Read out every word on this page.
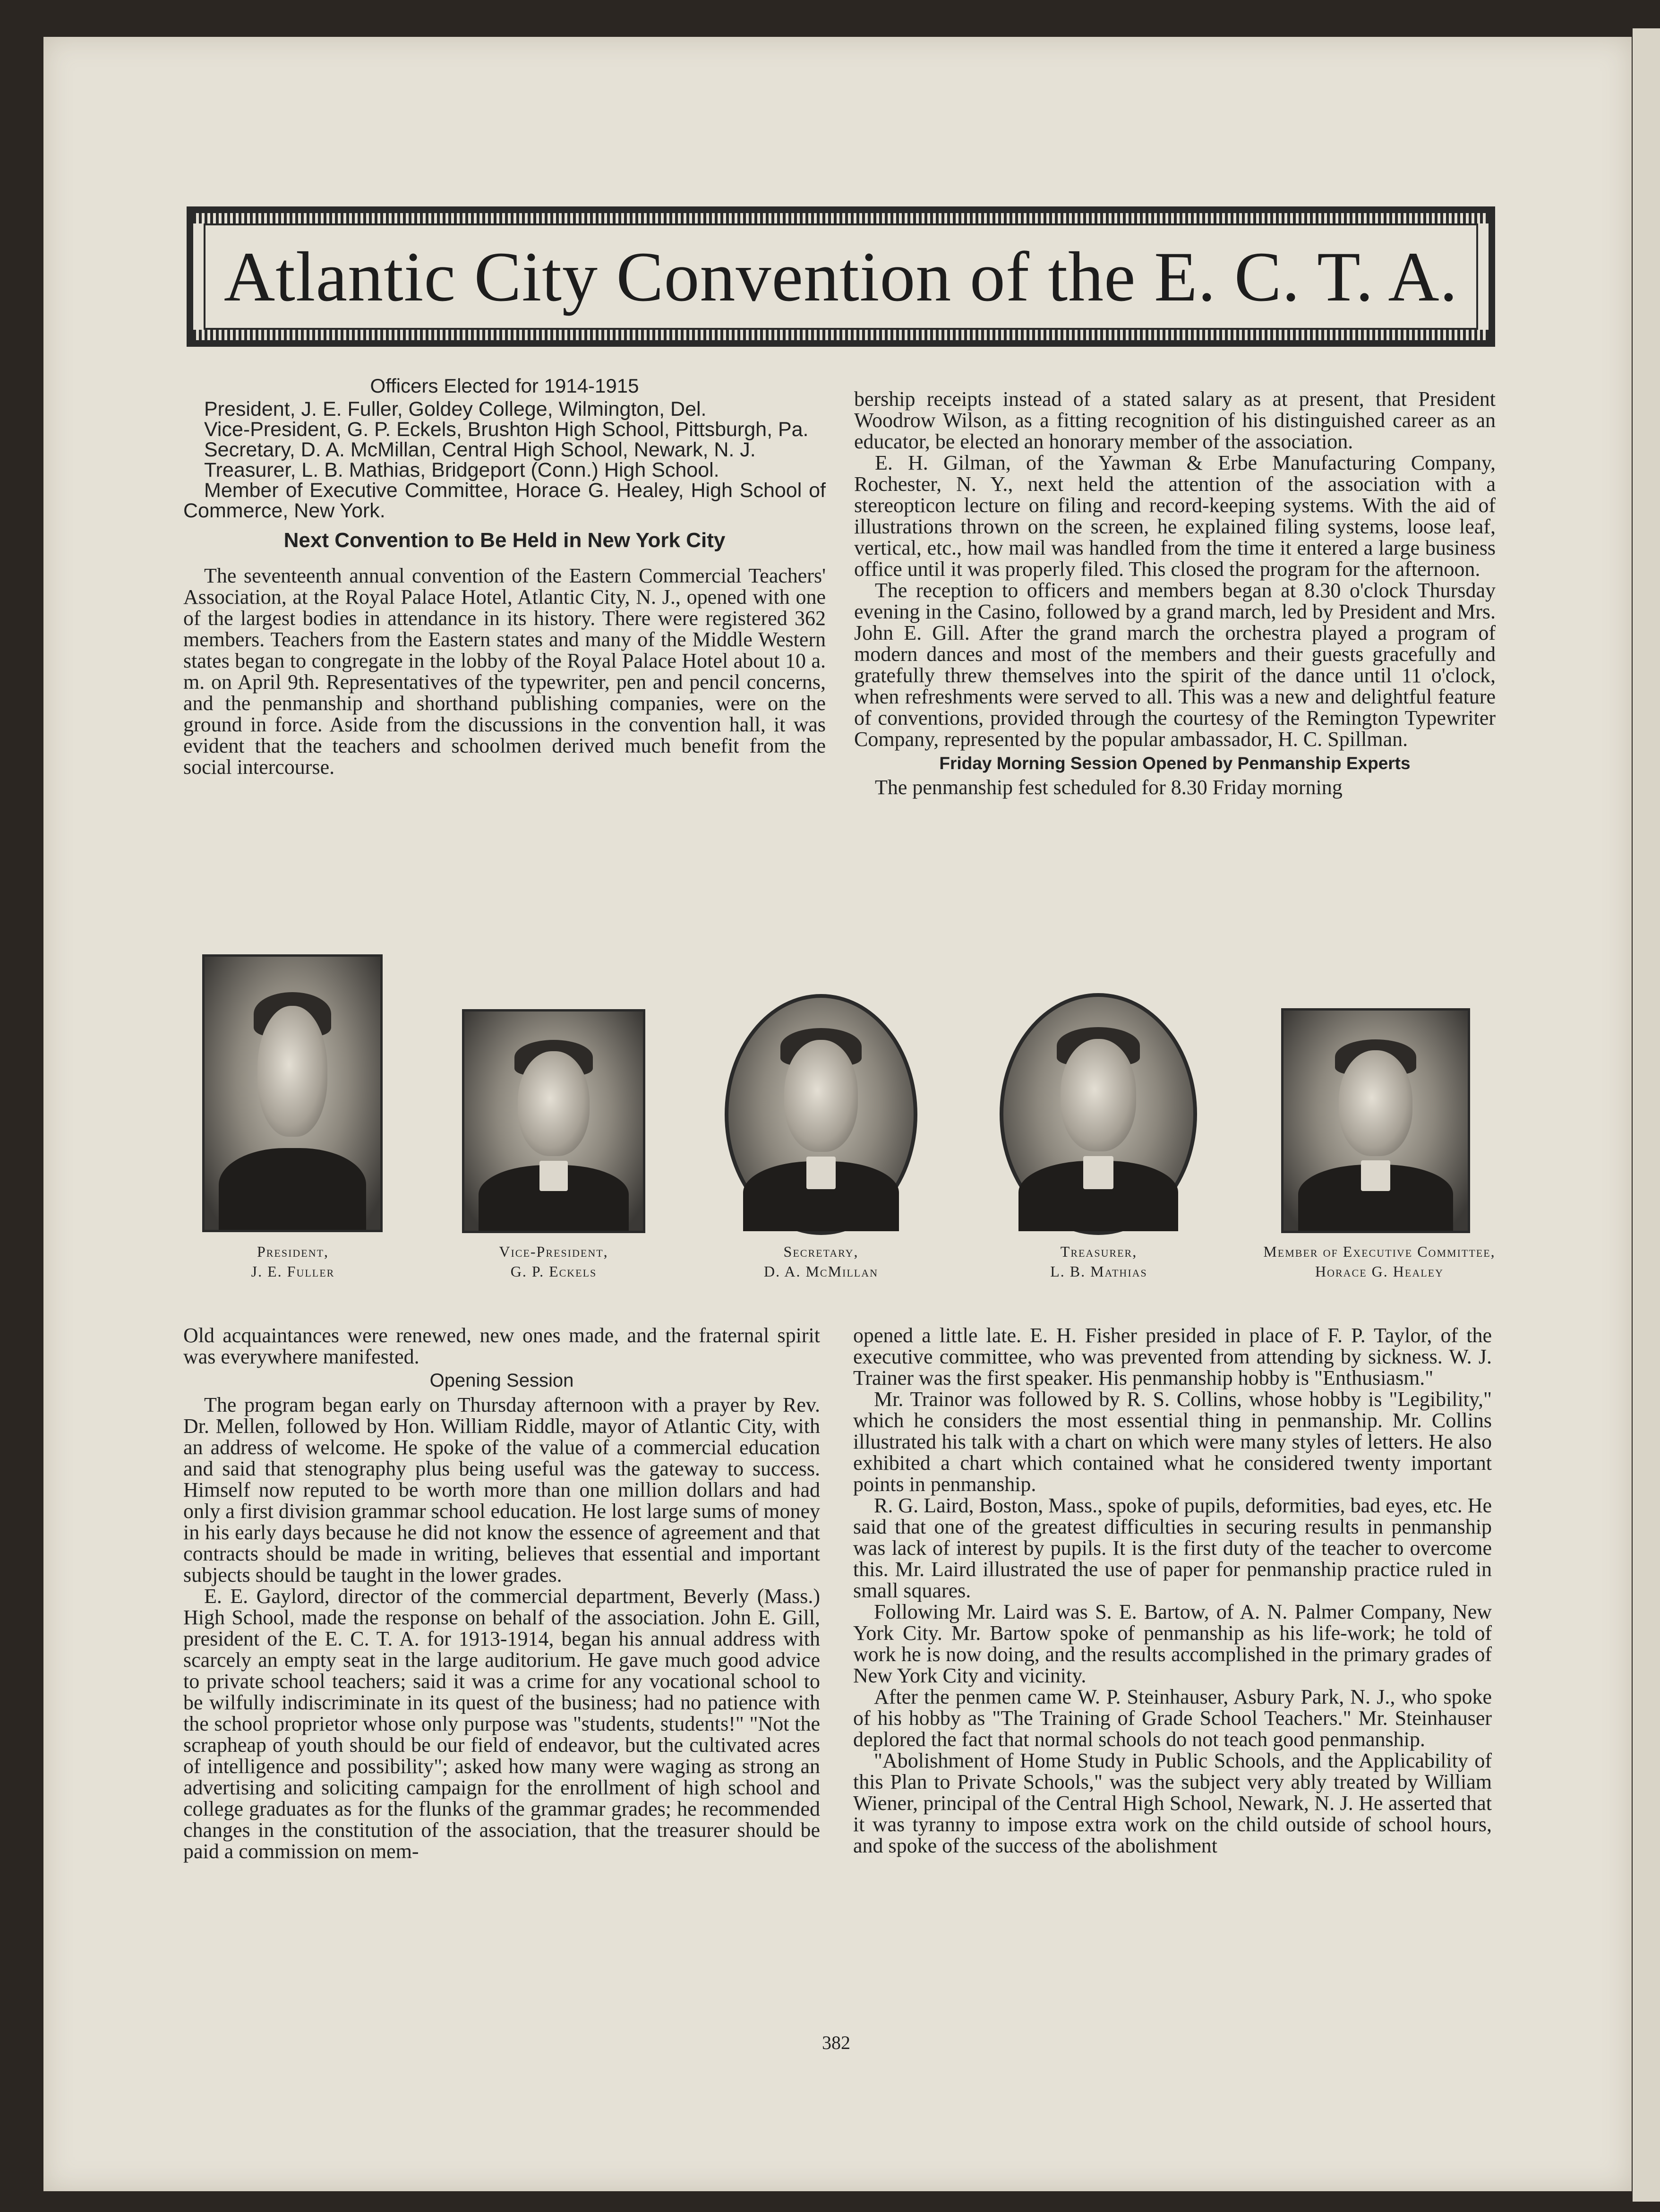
Atlantic City Convention of the E. C. T. A.
Officers Elected for 1914-1915

President, J. E. Fuller, Goldey College, Wilmington, Del.

Vice-President, G. P. Eckels, Brushton High School, Pittsburgh, Pa.

Secretary, D. A. McMillan, Central High School, Newark, N. J.

Treasurer, L. B. Mathias, Bridgeport (Conn.) High School.

Member of Executive Committee, Horace G. Healey, High School of Commerce, New York.

Next Convention to Be Held in New York City

The seventeenth annual convention of the Eastern Commercial Teachers' Association, at the Royal Palace Hotel, Atlantic City, N. J., opened with one of the largest bodies in attendance in its history. There were registered 362 members. Teachers from the Eastern states and many of the Middle Western states began to congregate in the lobby of the Royal Palace Hotel about 10 a. m. on April 9th. Representatives of the typewriter, pen and pencil concerns, and the penmanship and shorthand publishing companies, were on the ground in force. Aside from the discussions in the convention hall, it was evident that the teachers and schoolmen derived much benefit from the social intercourse.

bership receipts instead of a stated salary as at present, that President Woodrow Wilson, as a fitting recognition of his distinguished career as an educator, be elected an honorary member of the association.

E. H. Gilman, of the Yawman & Erbe Manufacturing Company, Rochester, N. Y., next held the attention of the association with a stereopticon lecture on filing and record-keeping systems. With the aid of illustrations thrown on the screen, he explained filing systems, loose leaf, vertical, etc., how mail was handled from the time it entered a large business office until it was properly filed. This closed the program for the afternoon.

The reception to officers and members began at 8.30 o'clock Thursday evening in the Casino, followed by a grand march, led by President and Mrs. John E. Gill. After the grand march the orchestra played a program of modern dances and most of the members and their guests gracefully and gratefully threw themselves into the spirit of the dance until 11 o'clock, when refreshments were served to all. This was a new and delightful feature of conventions, provided through the courtesy of the Remington Typewriter Company, represented by the popular ambassador, H. C. Spillman.

Friday Morning Session Opened by Penmanship Experts

The penmanship fest scheduled for 8.30 Friday morning

President,
J. E. Fuller
Vice-President,
G. P. Eckels
Secretary,
D. A. McMillan
Treasurer,
L. B. Mathias
Member of Executive Committee,
Horace G. Healey

Old acquaintances were renewed, new ones made, and the fraternal spirit was everywhere manifested.

Opening Session

The program began early on Thursday afternoon with a prayer by Rev. Dr. Mellen, followed by Hon. William Riddle, mayor of Atlantic City, with an address of welcome. He spoke of the value of a commercial education and said that stenography plus being useful was the gateway to success. Himself now reputed to be worth more than one million dollars and had only a first division grammar school education. He lost large sums of money in his early days because he did not know the essence of agreement and that contracts should be made in writing, believes that essential and important subjects should be taught in the lower grades.

E. E. Gaylord, director of the commercial department, Beverly (Mass.) High School, made the response on behalf of the association. John E. Gill, president of the E. C. T. A. for 1913-1914, began his annual address with scarcely an empty seat in the large auditorium. He gave much good advice to private school teachers; said it was a crime for any vocational school to be wilfully indiscriminate in its quest of the business; had no patience with the school proprietor whose only purpose was "students, students!" "Not the scrapheap of youth should be our field of endeavor, but the cultivated acres of intelligence and possibility"; asked how many were waging as strong an advertising and soliciting campaign for the enrollment of high school and college graduates as for the flunks of the grammar grades; he recommended changes in the constitution of the association, that the treasurer should be paid a commission on mem-

opened a little late. E. H. Fisher presided in place of F. P. Taylor, of the executive committee, who was prevented from attending by sickness. W. J. Trainer was the first speaker. His penmanship hobby is "Enthusiasm."

Mr. Trainor was followed by R. S. Collins, whose hobby is "Legibility," which he considers the most essential thing in penmanship. Mr. Collins illustrated his talk with a chart on which were many styles of letters. He also exhibited a chart which contained what he considered twenty important points in penmanship.

R. G. Laird, Boston, Mass., spoke of pupils, deformities, bad eyes, etc. He said that one of the greatest difficulties in securing results in penmanship was lack of interest by pupils. It is the first duty of the teacher to overcome this. Mr. Laird illustrated the use of paper for penmanship practice ruled in small squares.

Following Mr. Laird was S. E. Bartow, of A. N. Palmer Company, New York City. Mr. Bartow spoke of penmanship as his life-work; he told of work he is now doing, and the results accomplished in the primary grades of New York City and vicinity.

After the penmen came W. P. Steinhauser, Asbury Park, N. J., who spoke of his hobby as "The Training of Grade School Teachers." Mr. Steinhauser deplored the fact that normal schools do not teach good penmanship.

"Abolishment of Home Study in Public Schools, and the Applicability of this Plan to Private Schools," was the subject very ably treated by William Wiener, principal of the Central High School, Newark, N. J. He asserted that it was tyranny to impose extra work on the child outside of school hours, and spoke of the success of the abolishment

382
